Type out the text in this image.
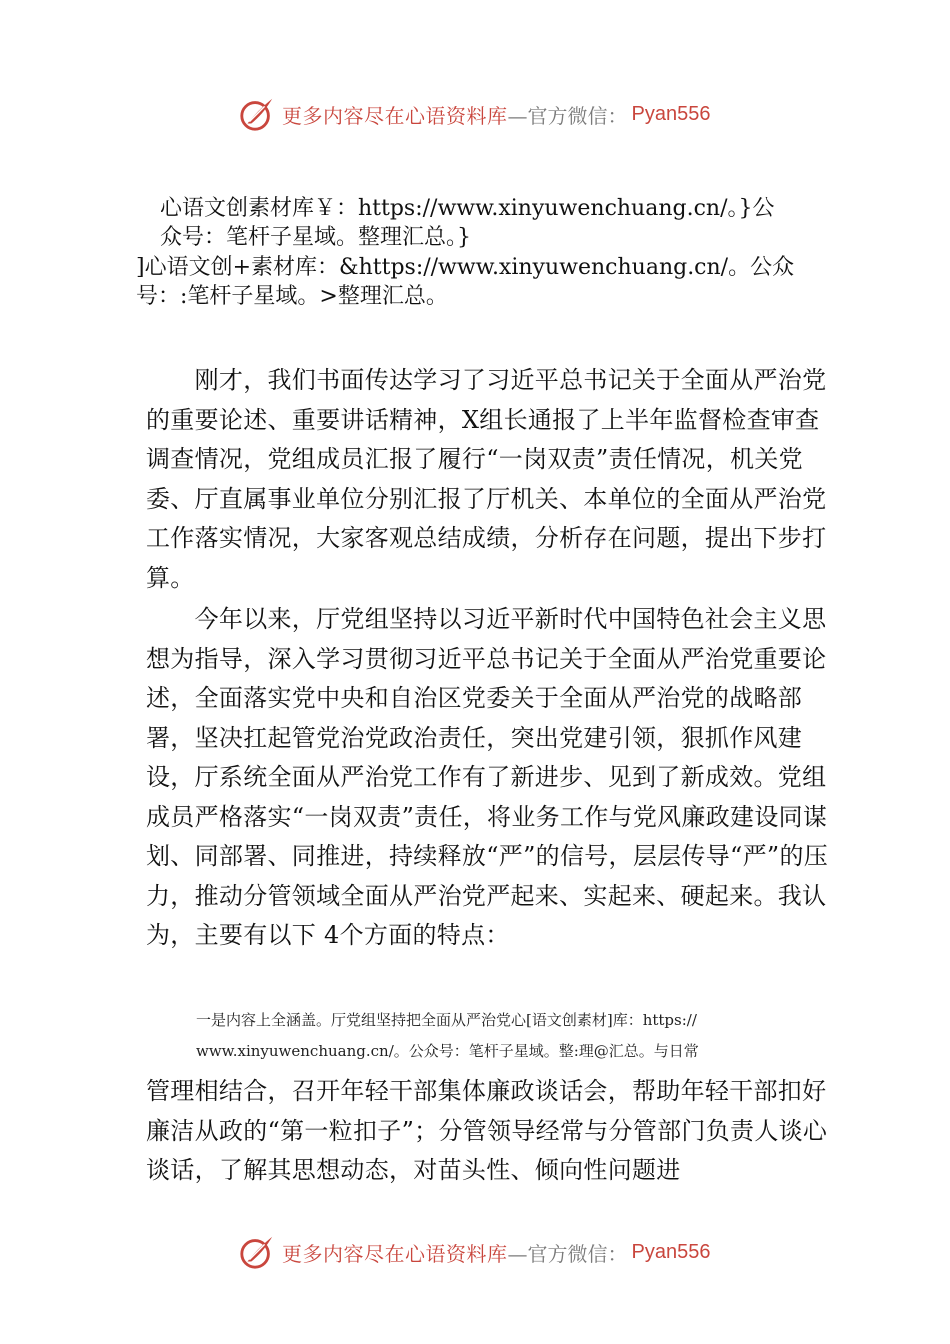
更多内容尽在心语资料库 —官方微信： Pyan556
心语文创素材库￥：https://www.xinyuwenchuang.cn/。}公
众号：笔杆子星域。整理汇总。}
]心语文创+素材库：&https://www.xinyuwenchuang.cn/。公众
号：:笔杆子星域。>整理汇总。
　　刚才，我们书面传达学习了习近平总书记关于全面从严治党的重要论述、重要讲话精神，X组长通报了上半年监督检查审查调查情况，党组成员汇报了履行“一岗双责”责任情况，机关党委、厅直属事业单位分别汇报了厅机关、本单位的全面从严治党工作落实情况，大家客观总结成绩，分析存在问题，提出下步打算。
　　今年以来，厅党组坚持以习近平新时代中国特色社会主义思想为指导，深入学习贯彻习近平总书记关于全面从严治党重要论述，全面落实党中央和自治区党委关于全面从严治党的战略部署，坚决扛起管党治党政治责任，突出党建引领，狠抓作风建设，厅系统全面从严治党工作有了新进步、见到了新成效。党组成员严格落实“一岗双责”责任，将业务工作与党风廉政建设同谋划、同部署、同推进，持续释放“严”的信号，层层传导“严”的压力，推动分管领域全面从严治党严起来、实起来、硬起来。我认为，主要有以下 4个方面的特点：
一是内容上全涵盖。厅党组坚持把全面从严治党心[语文创素材]库：https://
www.xinyuwenchuang.cn/。公众号：笔杆子星域。整:理@汇总。与日常
管理相结合，召开年轻干部集体廉政谈话会，帮助年轻干部扣好廉洁从政的“第一粒扣子”；分管领导经常与分管部门负责人谈心谈话，了解其思想动态，对苗头性、倾向性问题进
更多内容尽在心语资料库 —官方微信： Pyan556
